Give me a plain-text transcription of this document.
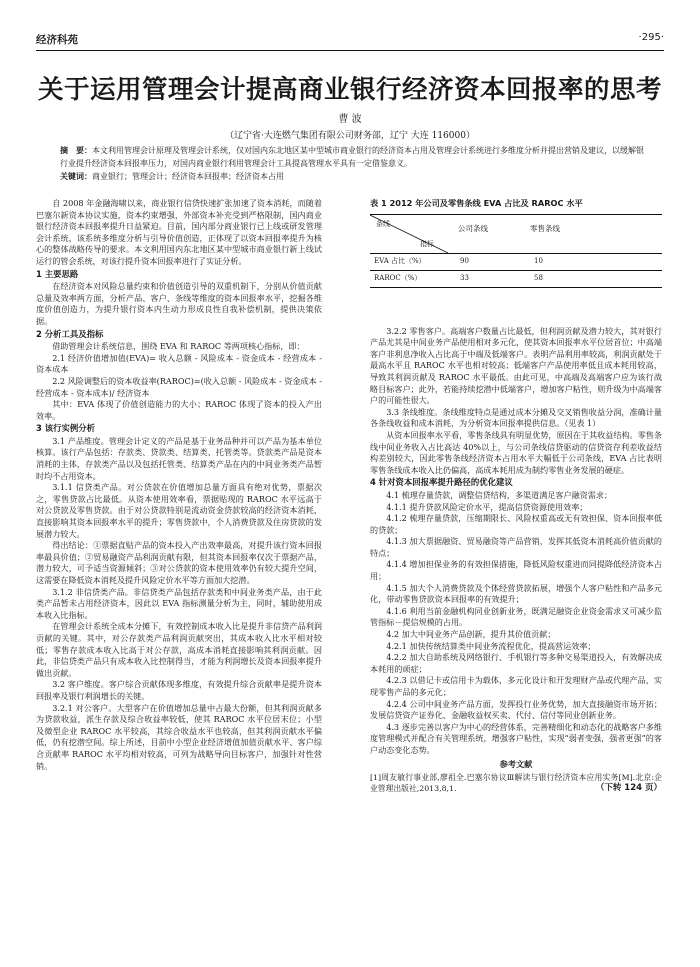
经济科苑	·295·
关于运用管理会计提高商业银行经济资本回报率的思考
曹 波
（辽宁省·大连燃气集团有限公司财务部，辽宁 大连 116000）
摘　要：本文利用管理会计原理及管理会计系统，仅对国内东北地区某中型城市商业银行的经济资本占用及管理会计系统进行多维度分析并提出营销及建议，以缓解银行业提升经济资本回报率压力，对国内商业银行利用管理会计工具提高管理水平具有一定借鉴意义。
关键词：商业银行；管理会计；经济资本回报率；经济资本占用

自 2008 年金融海啸以来，商业银行信贷快速扩张加速了资本消耗，而随着巴塞尔新资本协议实施，资本约束增强，外部资本补充受到严格限制，国内商业银行经济资本回报率提升日益紧迫。目前，国内部分商业银行已上线或研发管理会计系统，该系统多维度分析与引导价值创造，正体现了以资本回报率提升为核心的整体战略传导的要求。本文利用国内东北地区某中型城市商业银行新上线试运行的管会系统，对该行提升资本回报率进行了实证分析。

1 主要思路

在经济资本对风险总量约束和价值创造引导的双重机制下，分别从价值贡献总量及效率两方面，分析产品、客户、条线等维度的资本回报率水平，挖掘各维度价值创造力，为提升银行资本内生动力形成良性自我补偿机制，提供决策依据。

2 分析工具及指标

借助管理会计系统信息，围绕 EVA 和 RAROC 等两项核心指标，即：

2.1 经济价值增加值(EVA)= 收入总额 - 风险成本 - 资金成本 - 经营成本 - 资本成本

2.2 风险调整后的资本收益率(RAROC)=(收入总额 - 风险成本 - 资金成本 - 经营成本 - 资本成本)/ 经济资本

其中：EVA 体现了价值创造能力的大小；RAROC 体现了资本的投入产出效率。

3 该行实例分析

3.1 产品维度。管理会计定义的产品是基于业务品种并可以产品为基本单位核算。该行产品包括：存款类、贷款类、结算类、托管类等。贷款类产品是资本消耗的主体，存款类产品以及包括托管类、结算类产品在内的中间业务类产品暂时均不占用资本。

3.1.1 信贷类产品。对公贷款在价值增加总量方面具有绝对优势，票据次之，零售贷款占比最低。从资本使用效率看，票据贴现的 RAROC 水平远高于对公贷款及零售贷款。由于对公贷款特别是流动资金贷款较高的经济资本消耗，直接影响其资本回报率水平的提升；零售贷款中，个人消费贷款及住房贷款的发展潜力较大。

得出结论：①票据直贴产品的资本投入产出效率最高，对提升该行资本回报率最具价值；②贸易融资产品利润贡献有限，但其资本回报率仅次于票据产品，潜力较大，可予适当资源倾斜；③对公贷款的资本使用效率仍有较大提升空间，这需要在降低资本消耗及提升风险定价水平等方面加大挖潜。

3.1.2 非信贷类产品。非信贷类产品包括存款类和中间业务类产品，由于此类产品暂未占用经济资本，因此以 EVA 指标测量分析为主，同时，辅助使用成本收入比指标。

在管理会计系统全成本分摊下，有效控制成本收入比是提升非信贷产品利润贡献的关键。其中，对公存款类产品利润贡献突出，其成本收入比水平相对较低；零售存款成本收入比高于对公存款，高成本消耗直接影响其利润贡献。因此，非信贷类产品只有成本收入比控制得当，才能为利润增长及资本回报率提升做出贡献。

3.2 客户维度。客户综合贡献体现多维度，有效提升综合贡献率是提升资本回报率及银行利润增长的关键。

3.2.1 对公客户。大型客户在价值增加总量中占最大份额，但其利润贡献多为贷款收益，派生存款及综合收益率较低，使其 RAROC 水平位居末位；小型及微型企业 RAROC 水平较高，其综合收益水平也较高，但其利润贡献水平偏低，仍有挖潜空间。综上所述，目前中小型企业经济增值加值贡献水平、客户综合贡献率 RAROC 水平均相对较高，可列为战略导向目标客户，加强针对性营销。

表 1 2012 年公司及零售条线 EVA 占比及 RAROC 水平
条线
指标
公司条线	零售条线
EVA 占比（%）	90	10
RAROC（%）	33	58

3.2.2 零售客户。高端客户数量占比最低，但利润贡献及潜力较大，其对银行产品尤其是中间业务产品使用相对多元化，使其资本回报率水平位居首位；中高端客户非利息净收入占比高于中端及低端客户。表明产品利用率较高，利润贡献处于最高水平且 RAROC 水平也相对较高；低端客户产品使用率低且成本耗用较高，导致其利润贡献及 RAROC 水平最低。由此可见，中高端及高端客户应为该行战略目标客户；此外，若能持续挖潜中低端客户，增加客户粘性，则升级为中高端客户的可能性很大。

3.3 条线维度。条线维度特点是通过成本分摊及交叉销售收益分润，准确计量各条线收益和成本消耗，为分析资本回报率提供信息。（见表 1）

从资本回报率水平看，零售条线具有明显优势，原因在于其收益结构。零售条线中间业务收入占比高达 40%以上，与公司条线信贷驱动的信贷资存利差收益结构差别较大，因此零售条线经济资本占用水平大幅低于公司条线，EVA 占比表明零售条线成本收入比仍偏高，高成本耗用成为制约零售业务发展的硬症。

4 针对资本回报率提升路径的优化建议

4.1 梳理存量贷款，调整信贷结构，多渠道满足客户融资需求；

4.1.1 提升贷款风险定价水平，提高信贷资源使用效率；

4.1.2 梳理存量贷款，压缩期限长、风险权重高或无有效担保、资本回报率低的贷款；

4.1.3 加大票据融资、贸易融资等产品营销，发挥其低资本消耗高价值贡献的特点；

4.1.4 增加担保业务的有效担保措施，降低风险权重进而同提降低经济资本占用；

4.1.5 加大个人消费贷款及个体经营贷款拓展，增强个人客户粘性和产品多元化，带动零售贷款资本回报率的有效提升；

4.1.6 利用当前金融机构同业创新业务，既满足融资企业资金需求又可减少监管指标－提信规模的占用。

4.2 加大中间业务产品创新，提升其价值贡献；

4.2.1 加快传统结算类中间业务流程优化，提高营运效率；

4.2.2 加大自助系统及网络银行、手机银行等多种交易渠道投入，有效解决成本耗用的顽症；

4.2.3 以借记卡或信用卡为载体，多元化设计和开发理财产品或代理产品，实现零售产品的多元化；

4.2.4 公司中间业务产品方面，发挥投行业务优势，加大直接融资市场开拓；发展信贷资产证券化、金融收益权买卖、代付、信付等同业创新业务。

4.3 逐步完善以客户为中心的经营体系，完善精细化和动态化的战略客户多维度管理模式并配合有关管理系统，增强客户粘性，实现“弱者变强，强者更强”的客户动态变化态势。

参考文献
[1]周友敏行事业部,廖祖全.巴塞尔协议Ⅲ解读与银行经济资本应用实务[M].北京:企业管理出版社,2013,8,1.	（下转 124 页）
